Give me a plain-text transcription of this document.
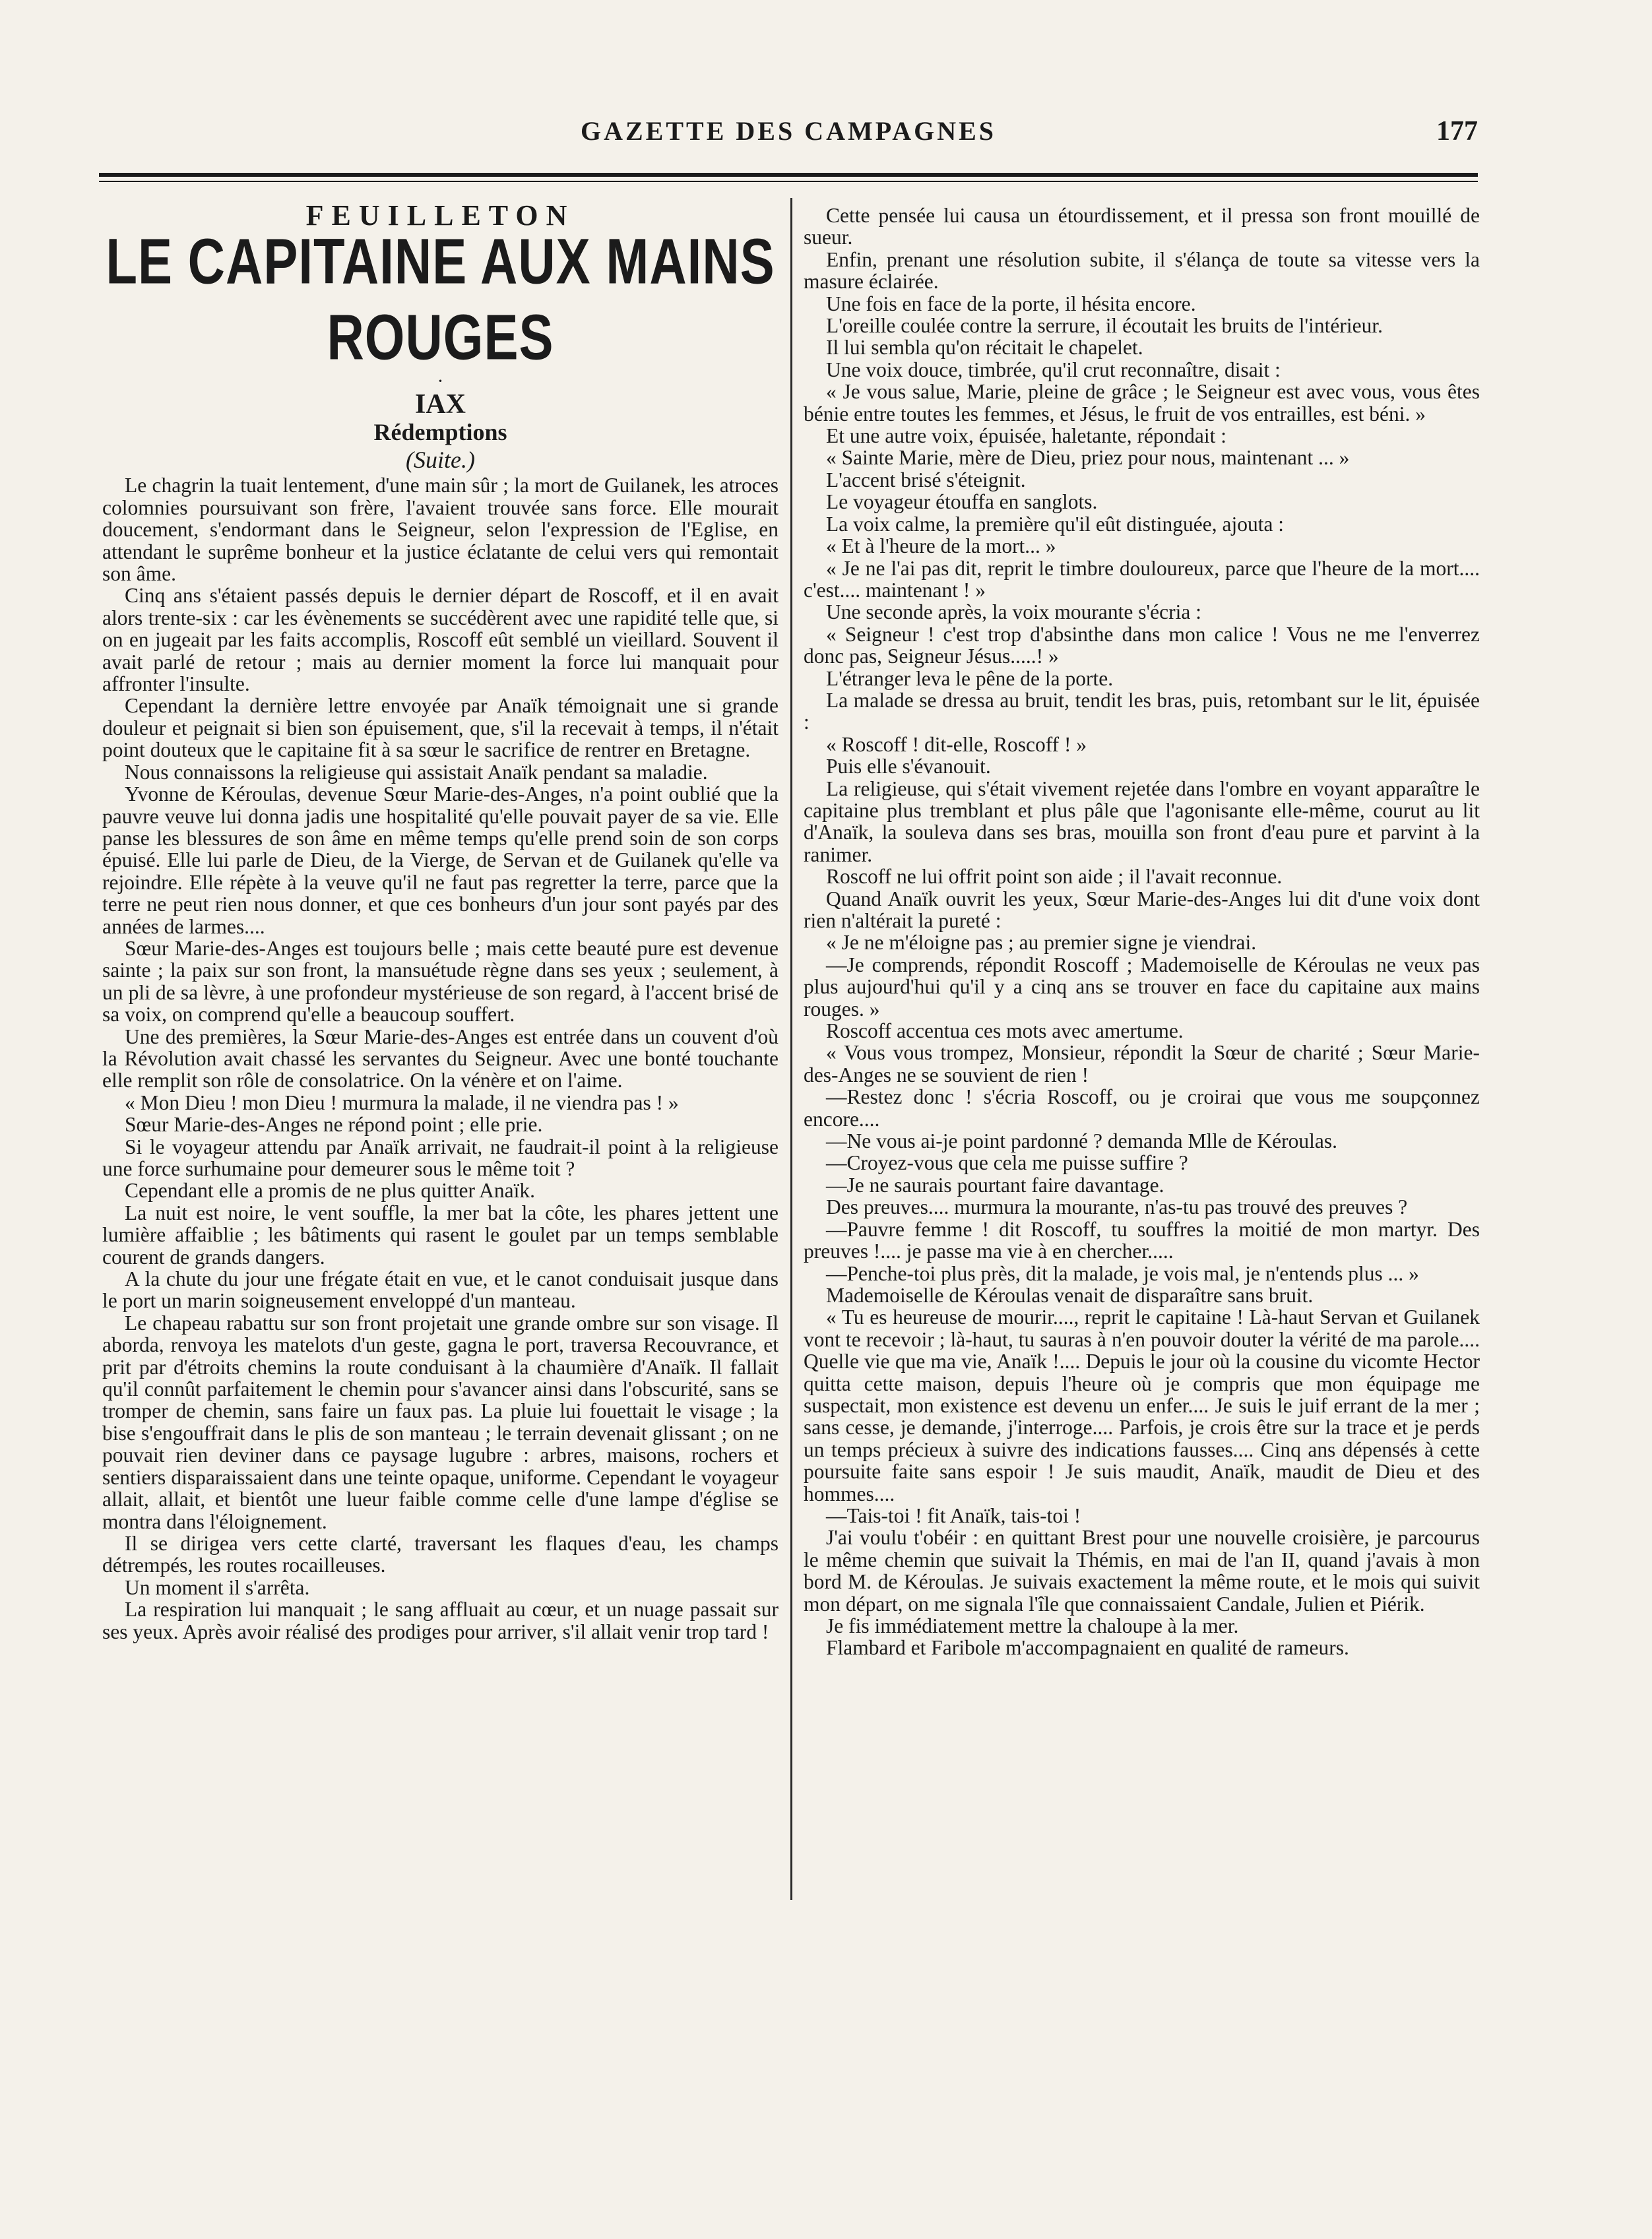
GAZETTE DES CAMPAGNES	177
FEUILLETON
LE CAPITAINE AUX MAINS ROUGES
·
IAX
Rédemptions
(Suite.)

Le chagrin la tuait lentement, d'une main sûr ; la mort de Guilanek, les atroces colomnies poursuivant son frère, l'avaient trouvée sans force. Elle mourait doucement, s'endormant dans le Seigneur, selon l'expression de l'Eglise, en attendant le suprême bonheur et la justice éclatante de celui vers qui remontait son âme.

Cinq ans s'étaient passés depuis le dernier départ de Roscoff, et il en avait alors trente-six : car les évènements se succédèrent avec une rapidité telle que, si on en jugeait par les faits accomplis, Roscoff eût semblé un vieillard. Souvent il avait parlé de retour ; mais au dernier moment la force lui manquait pour affronter l'insulte.

Cependant la dernière lettre envoyée par Anaïk témoignait une si grande douleur et peignait si bien son épuisement, que, s'il la recevait à temps, il n'était point douteux que le capitaine fit à sa sœur le sacrifice de rentrer en Bretagne.

Nous connaissons la religieuse qui assistait Anaïk pendant sa maladie.

Yvonne de Kéroulas, devenue Sœur Marie-des-Anges, n'a point oublié que la pauvre veuve lui donna jadis une hospitalité qu'elle pouvait payer de sa vie. Elle panse les blessures de son âme en même temps qu'elle prend soin de son corps épuisé. Elle lui parle de Dieu, de la Vierge, de Servan et de Guilanek qu'elle va rejoindre. Elle répète à la veuve qu'il ne faut pas regretter la terre, parce que la terre ne peut rien nous donner, et que ces bonheurs d'un jour sont payés par des années de larmes....

Sœur Marie-des-Anges est toujours belle ; mais cette beauté pure est devenue sainte ; la paix sur son front, la mansuétude règne dans ses yeux ; seulement, à un pli de sa lèvre, à une profondeur mystérieuse de son regard, à l'accent brisé de sa voix, on comprend qu'elle a beaucoup souffert.

Une des premières, la Sœur Marie-des-Anges est entrée dans un couvent d'où la Révolution avait chassé les servantes du Seigneur. Avec une bonté touchante elle remplit son rôle de consolatrice. On la vénère et on l'aime.

« Mon Dieu ! mon Dieu ! murmura la malade, il ne viendra pas ! »

Sœur Marie-des-Anges ne répond point ; elle prie.

Si le voyageur attendu par Anaïk arrivait, ne faudrait-il point à la religieuse une force surhumaine pour demeurer sous le même toit ?

Cependant elle a promis de ne plus quitter Anaïk.

La nuit est noire, le vent souffle, la mer bat la côte, les phares jettent une lumière affaiblie ; les bâtiments qui rasent le goulet par un temps semblable courent de grands dangers.

A la chute du jour une frégate était en vue, et le canot conduisait jusque dans le port un marin soigneusement enveloppé d'un manteau.

Le chapeau rabattu sur son front projetait une grande ombre sur son visage. Il aborda, renvoya les matelots d'un geste, gagna le port, traversa Recouvrance, et prit par d'étroits chemins la route conduisant à la chaumière d'Anaïk. Il fallait qu'il connût parfaitement le chemin pour s'avancer ainsi dans l'obscurité, sans se tromper de chemin, sans faire un faux pas. La pluie lui fouettait le visage ; la bise s'engouffrait dans le plis de son manteau ; le terrain devenait glissant ; on ne pouvait rien deviner dans ce paysage lugubre : arbres, maisons, rochers et sentiers disparaissaient dans une teinte opaque, uniforme. Cependant le voyageur allait, allait, et bientôt une lueur faible comme celle d'une lampe d'église se montra dans l'éloignement.

Il se dirigea vers cette clarté, traversant les flaques d'eau, les champs détrempés, les routes rocailleuses.

Un moment il s'arrêta.

La respiration lui manquait ; le sang affluait au cœur, et un nuage passait sur ses yeux. Après avoir réalisé des prodiges pour arriver, s'il allait venir trop tard !

Cette pensée lui causa un étourdissement, et il pressa son front mouillé de sueur.

Enfin, prenant une résolution subite, il s'élança de toute sa vitesse vers la masure éclairée.

Une fois en face de la porte, il hésita encore.

L'oreille coulée contre la serrure, il écoutait les bruits de l'intérieur.

Il lui sembla qu'on récitait le chapelet.

Une voix douce, timbrée, qu'il crut reconnaître, disait :

« Je vous salue, Marie, pleine de grâce ; le Seigneur est avec vous, vous êtes bénie entre toutes les femmes, et Jésus, le fruit de vos entrailles, est béni. »

Et une autre voix, épuisée, haletante, répondait :

« Sainte Marie, mère de Dieu, priez pour nous, maintenant ... »

L'accent brisé s'éteignit.

Le voyageur étouffa en sanglots.

La voix calme, la première qu'il eût distinguée, ajouta :

« Et à l'heure de la mort... »

« Je ne l'ai pas dit, reprit le timbre douloureux, parce que l'heure de la mort.... c'est.... maintenant ! »

Une seconde après, la voix mourante s'écria :

« Seigneur ! c'est trop d'absinthe dans mon calice ! Vous ne me l'enverrez donc pas, Seigneur Jésus.....! »

L'étranger leva le pêne de la porte.

La malade se dressa au bruit, tendit les bras, puis, retombant sur le lit, épuisée :

« Roscoff ! dit-elle, Roscoff ! »

Puis elle s'évanouit.

La religieuse, qui s'était vivement rejetée dans l'ombre en voyant apparaître le capitaine plus tremblant et plus pâle que l'agonisante elle-même, courut au lit d'Anaïk, la souleva dans ses bras, mouilla son front d'eau pure et parvint à la ranimer.

Roscoff ne lui offrit point son aide ; il l'avait reconnue.

Quand Anaïk ouvrit les yeux, Sœur Marie-des-Anges lui dit d'une voix dont rien n'altérait la pureté :

« Je ne m'éloigne pas ; au premier signe je viendrai.

—Je comprends, répondit Roscoff ; Mademoiselle de Kéroulas ne veux pas plus aujourd'hui qu'il y a cinq ans se trouver en face du capitaine aux mains rouges. »

Roscoff accentua ces mots avec amertume.

« Vous vous trompez, Monsieur, répondit la Sœur de charité ; Sœur Marie-des-Anges ne se souvient de rien !

—Restez donc ! s'écria Roscoff, ou je croirai que vous me soupçonnez encore....

—Ne vous ai-je point pardonné ? demanda Mlle de Kéroulas.

—Croyez-vous que cela me puisse suffire ?

—Je ne saurais pourtant faire davantage.

Des preuves.... murmura la mourante, n'as-tu pas trouvé des preuves ?

—Pauvre femme ! dit Roscoff, tu souffres la moitié de mon martyr. Des preuves !.... je passe ma vie à en chercher.....

—Penche-toi plus près, dit la malade, je vois mal, je n'entends plus ... »

Mademoiselle de Kéroulas venait de disparaître sans bruit.

« Tu es heureuse de mourir...., reprit le capitaine ! Là-haut Servan et Guilanek vont te recevoir ; là-haut, tu sauras à n'en pouvoir douter la vérité de ma parole.... Quelle vie que ma vie, Anaïk !.... Depuis le jour où la cousine du vicomte Hector quitta cette maison, depuis l'heure où je compris que mon équipage me suspectait, mon existence est devenu un enfer.... Je suis le juif errant de la mer ; sans cesse, je demande, j'interroge.... Parfois, je crois être sur la trace et je perds un temps précieux à suivre des indications fausses.... Cinq ans dépensés à cette poursuite faite sans espoir ! Je suis maudit, Anaïk, maudit de Dieu et des hommes....

—Tais-toi ! fit Anaïk, tais-toi !

J'ai voulu t'obéir : en quittant Brest pour une nouvelle croisière, je parcourus le même chemin que suivait la Thémis, en mai de l'an II, quand j'avais à mon bord M. de Kéroulas. Je suivais exactement la même route, et le mois qui suivit mon départ, on me signala l'île que connaissaient Candale, Julien et Piérik.

Je fis immédiatement mettre la chaloupe à la mer.

Flambard et Faribole m'accompagnaient en qualité de rameurs.
